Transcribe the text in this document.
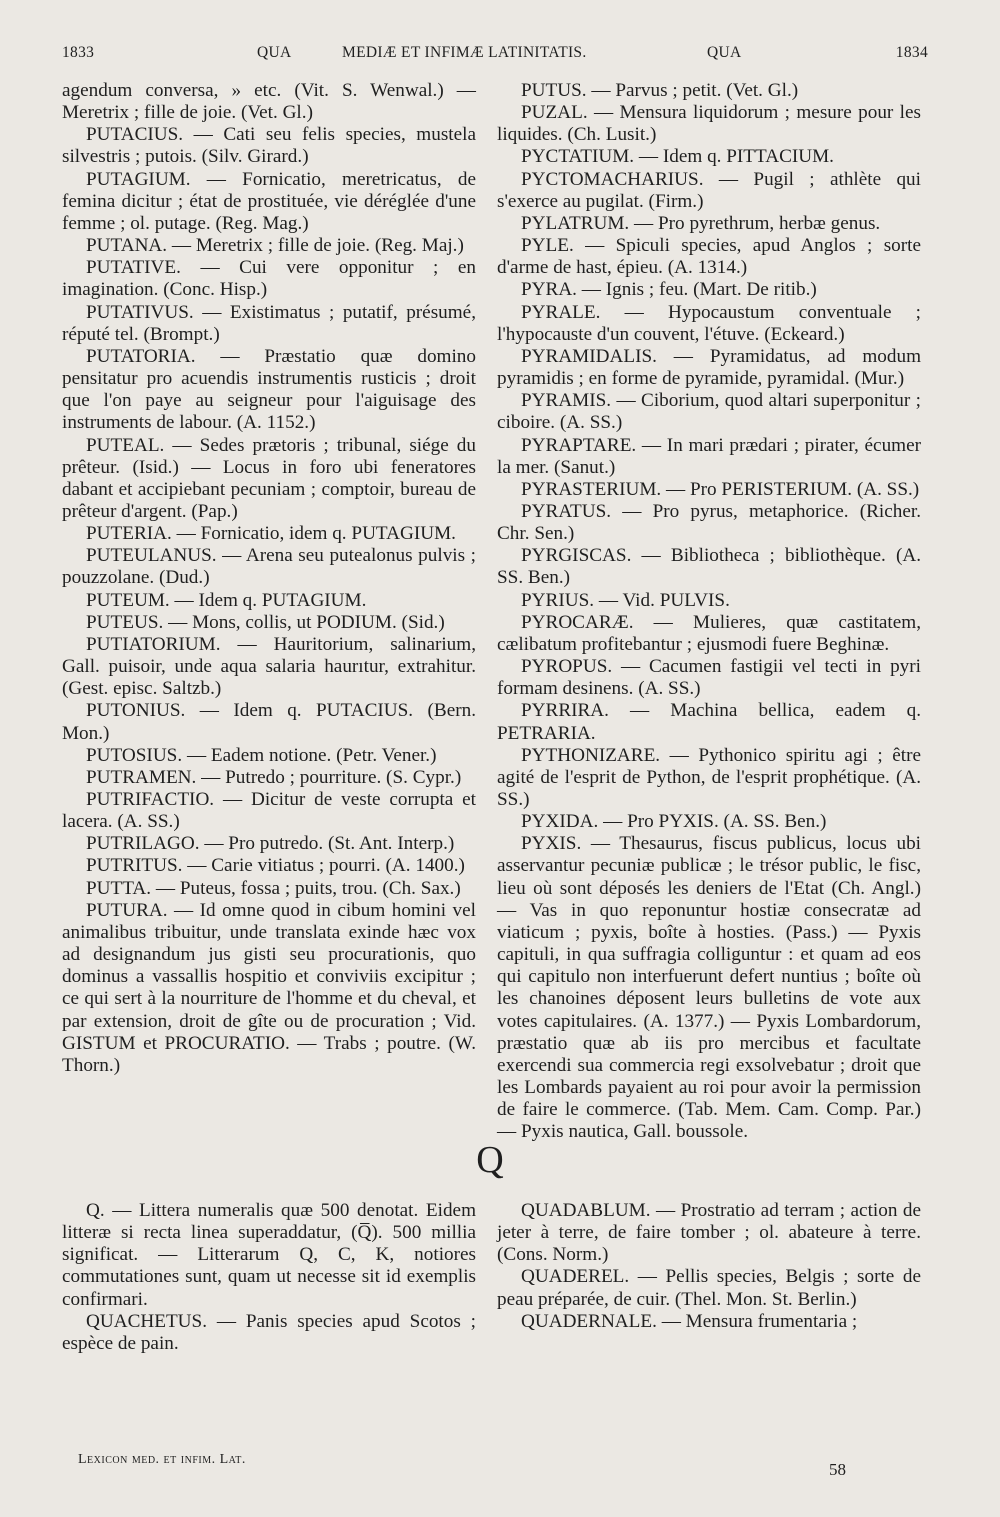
1833	QUA	MEDIÆ ET INFIMÆ LATINITATIS.	QUA	1834

agendum conversa, » etc. (Vit. S. Wenwal.) — Meretrix ; fille de joie. (Vet. Gl.)

PUTACIUS. — Cati seu felis species, mustela silvestris ; putois. (Silv. Girard.)

PUTAGIUM. — Fornicatio, meretricatus, de femina dicitur ; état de prostituée, vie déréglée d'une femme ; ol. putage. (Reg. Mag.)

PUTANA. — Meretrix ; fille de joie. (Reg. Maj.)

PUTATIVE. — Cui vere opponitur ; en imagination. (Conc. Hisp.)

PUTATIVUS. — Existimatus ; putatif, présumé, réputé tel. (Brompt.)

PUTATORIA. — Præstatio quæ domino pensitatur pro acuendis instrumentis rusticis ; droit que l'on paye au seigneur pour l'aiguisage des instruments de labour. (A. 1152.)

PUTEAL. — Sedes prætoris ; tribunal, siége du prêteur. (Isid.) — Locus in foro ubi feneratores dabant et accipiebant pecuniam ; comptoir, bureau de prêteur d'argent. (Pap.)

PUTERIA. — Fornicatio, idem q. PUTAGIUM.

PUTEULANUS. — Arena seu putealonus pulvis ; pouzzolane. (Dud.)

PUTEUM. — Idem q. PUTAGIUM.

PUTEUS. — Mons, collis, ut PODIUM. (Sid.)

PUTIATORIUM. — Hauritorium, salinarium, Gall. puisoir, unde aqua salaria haurıtur, extrahitur. (Gest. episc. Saltzb.)

PUTONIUS. — Idem q. PUTACIUS. (Bern. Mon.)

PUTOSIUS. — Eadem notione. (Petr. Vener.)

PUTRAMEN. — Putredo ; pourriture. (S. Cypr.)

PUTRIFACTIO. — Dicitur de veste corrupta et lacera. (A. SS.)

PUTRILAGO. — Pro putredo. (St. Ant. Interp.)

PUTRITUS. — Carie vitiatus ; pourri. (A. 1400.)

PUTTA. — Puteus, fossa ; puits, trou. (Ch. Sax.)

PUTURA. — Id omne quod in cibum homini vel animalibus tribuitur, unde translata exinde hæc vox ad designandum jus gisti seu procurationis, quo dominus a vassallis hospitio et conviviis excipitur ; ce qui sert à la nourriture de l'homme et du cheval, et par extension, droit de gîte ou de procuration ; Vid. GISTUM et PROCURATIO. — Trabs ; poutre. (W. Thorn.)

PUTUS. — Parvus ; petit. (Vet. Gl.)

PUZAL. — Mensura liquidorum ; mesure pour les liquides. (Ch. Lusit.)

PYCTATIUM. — Idem q. PITTACIUM.

PYCTOMACHARIUS. — Pugil ; athlète qui s'exerce au pugilat. (Firm.)

PYLATRUM. — Pro pyrethrum, herbæ genus.

PYLE. — Spiculi species, apud Anglos ; sorte d'arme de hast, épieu. (A. 1314.)

PYRA. — Ignis ; feu. (Mart. De ritib.)

PYRALE. — Hypocaustum conventuale ; l'hypocauste d'un couvent, l'étuve. (Eckeard.)

PYRAMIDALIS. — Pyramidatus, ad modum pyramidis ; en forme de pyramide, pyramidal. (Mur.)

PYRAMIS. — Ciborium, quod altari superponitur ; ciboire. (A. SS.)

PYRAPTARE. — In mari prædari ; pirater, écumer la mer. (Sanut.)

PYRASTERIUM. — Pro PERISTERIUM. (A. SS.)

PYRATUS. — Pro pyrus, metaphorice. (Richer. Chr. Sen.)

PYRGISCAS. — Bibliotheca ; bibliothèque. (A. SS. Ben.)

PYRIUS. — Vid. PULVIS.

PYROCARÆ. — Mulieres, quæ castitatem, cælibatum profitebantur ; ejusmodi fuere Beghinæ.

PYROPUS. — Cacumen fastigii vel tecti in pyri formam desinens. (A. SS.)

PYRRIRA. — Machina bellica, eadem q. PETRARIA.

PYTHONIZARE. — Pythonico spiritu agi ; être agité de l'esprit de Python, de l'esprit prophétique. (A. SS.)

PYXIDA. — Pro PYXIS. (A. SS. Ben.)

PYXIS. — Thesaurus, fiscus publicus, locus ubi asservantur pecuniæ publicæ ; le trésor public, le fisc, lieu où sont déposés les deniers de l'Etat (Ch. Angl.) — Vas in quo reponuntur hostiæ consecratæ ad viaticum ; pyxis, boîte à hosties. (Pass.) — Pyxis capituli, in qua suffragia colliguntur : et quam ad eos qui capitulo non interfuerunt defert nuntius ; boîte où les chanoines déposent leurs bulletins de vote aux votes capitulaires. (A. 1377.) — Pyxis Lombardorum, præstatio quæ ab iis pro mercibus et facultate exercendi sua commercia regi exsolvebatur ; droit que les Lombards payaient au roi pour avoir la permission de faire le commerce. (Tab. Mem. Cam. Comp. Par.) — Pyxis nautica, Gall. boussole.

Q

Q. — Littera numeralis quæ 500 denotat. Eidem litteræ si recta linea superaddatur, (Q̅). 500 millia significat. — Litterarum Q, C, K, notiores commutationes sunt, quam ut necesse sit id exemplis confirmari.

QUACHETUS. — Panis species apud Scotos ; espèce de pain.

QUADABLUM. — Prostratio ad terram ; action de jeter à terre, de faire tomber ; ol. abateure à terre. (Cons. Norm.)

QUADEREL. — Pellis species, Belgis ; sorte de peau préparée, de cuir. (Thel. Mon. St. Berlin.)

QUADERNALE. — Mensura frumentaria ;

Lexicon med. et infim. Lat.
58
